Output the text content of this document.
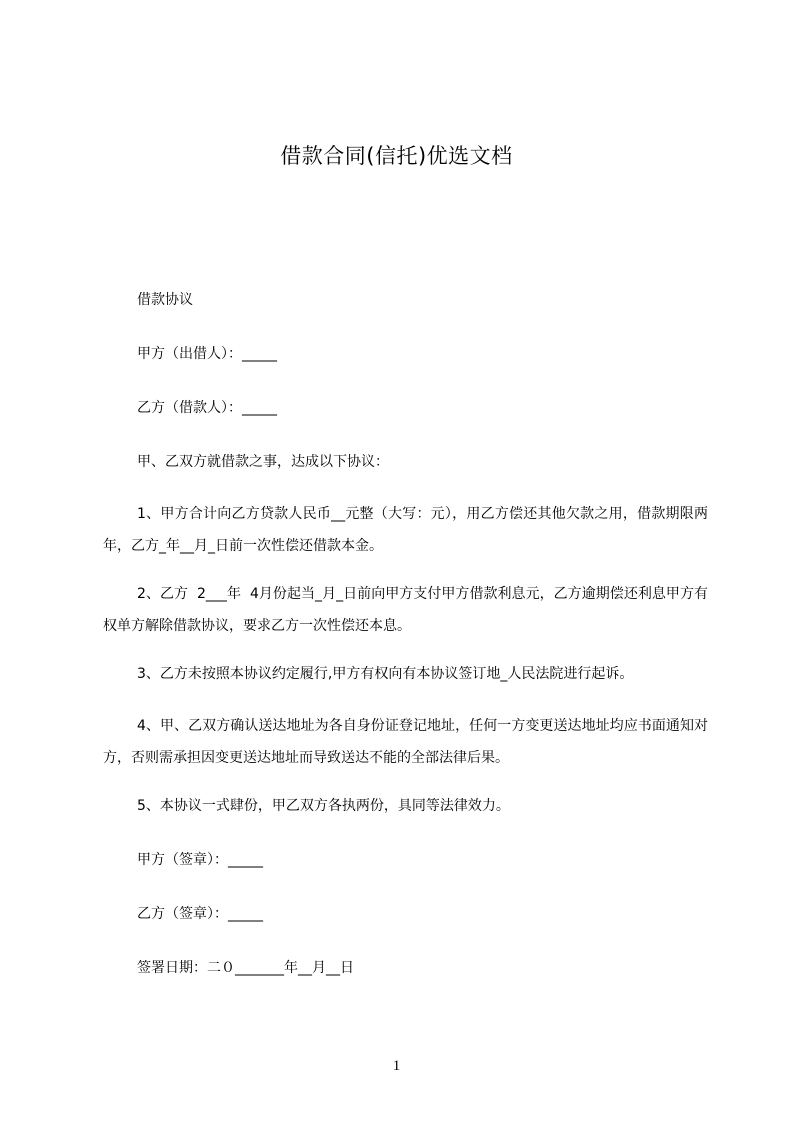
借款合同(信托)优选文档
借款协议
甲方（出借人）：_____
乙方（借款人）：_____
甲、乙双方就借款之事，达成以下协议：
1、甲方合计向乙方贷款人民币__元整（大写：元），用乙方偿还其他欠款之用，借款期限两年，乙方_年__月_日前一次性偿还借款本金。
2、乙方  2___年  4月份起当_月_日前向甲方支付甲方借款利息元，乙方逾期偿还利息甲方有权单方解除借款协议，要求乙方一次性偿还本息。
3、乙方未按照本协议约定履行,甲方有权向有本协议签订地_人民法院进行起诉。
4、甲、乙双方确认送达地址为各自身份证登记地址，任何一方变更送达地址均应书面通知对方，否则需承担因变更送达地址而导致送达不能的全部法律后果。
5、本协议一式肆份，甲乙双方各执两份，具同等法律效力。
甲方（签章）：_____
乙方（签章）：_____
签署日期：二０_______年__月__日
1
